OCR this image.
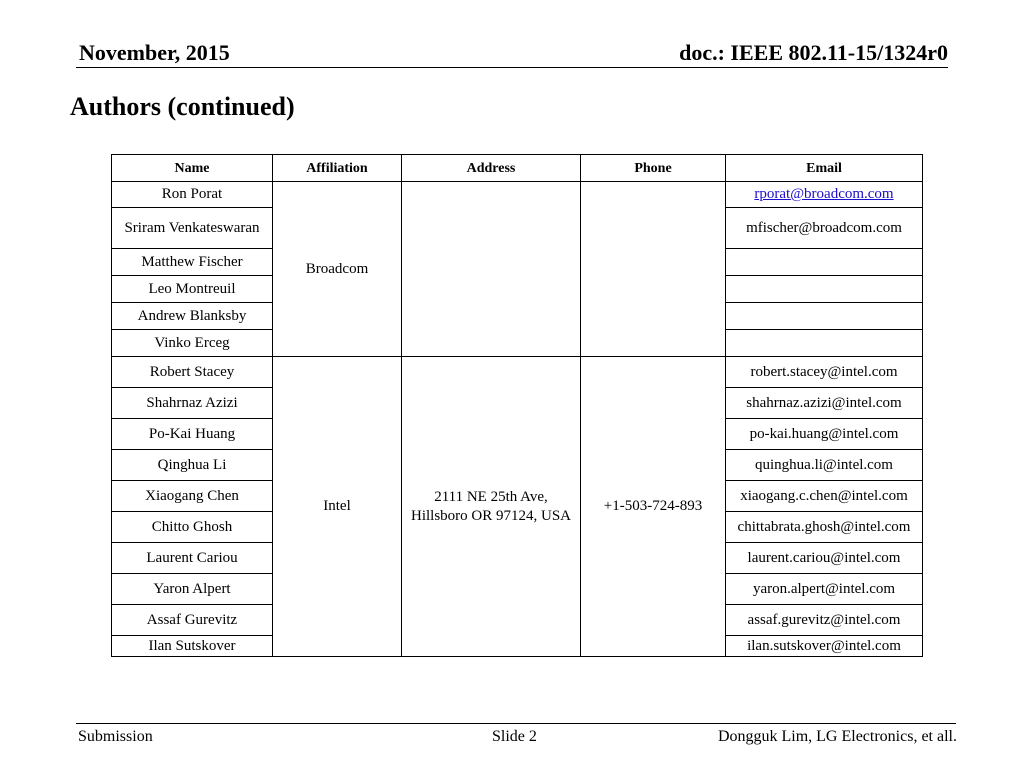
November, 2015	doc.: IEEE 802.11-15/1324r0
Authors (continued)
Name	Affiliation	Address	Phone	Email
Ron Porat	Broadcom			rporat@broadcom.com
Sriram Venkateswaran				mfischer@broadcom.com
Matthew Fischer				
Leo Montreuil				
Andrew Blanksby				
Vinko Erceg				
Robert Stacey	Intel	2111 NE 25th Ave, Hillsboro OR 97124, USA	+1-503-724-893	robert.stacey@intel.com
Shahrnaz Azizi				shahrnaz.azizi@intel.com
Po-Kai Huang				po-kai.huang@intel.com
Qinghua Li				quinghua.li@intel.com
Xiaogang Chen				xiaogang.c.chen@intel.com
Chitto Ghosh				chittabrata.ghosh@intel.com
Laurent Cariou				laurent.cariou@intel.com
Yaron Alpert				yaron.alpert@intel.com
Assaf Gurevitz				assaf.gurevitz@intel.com
Ilan Sutskover				ilan.sutskover@intel.com
Submission	Slide 2	Dongguk Lim, LG Electronics, et all.
